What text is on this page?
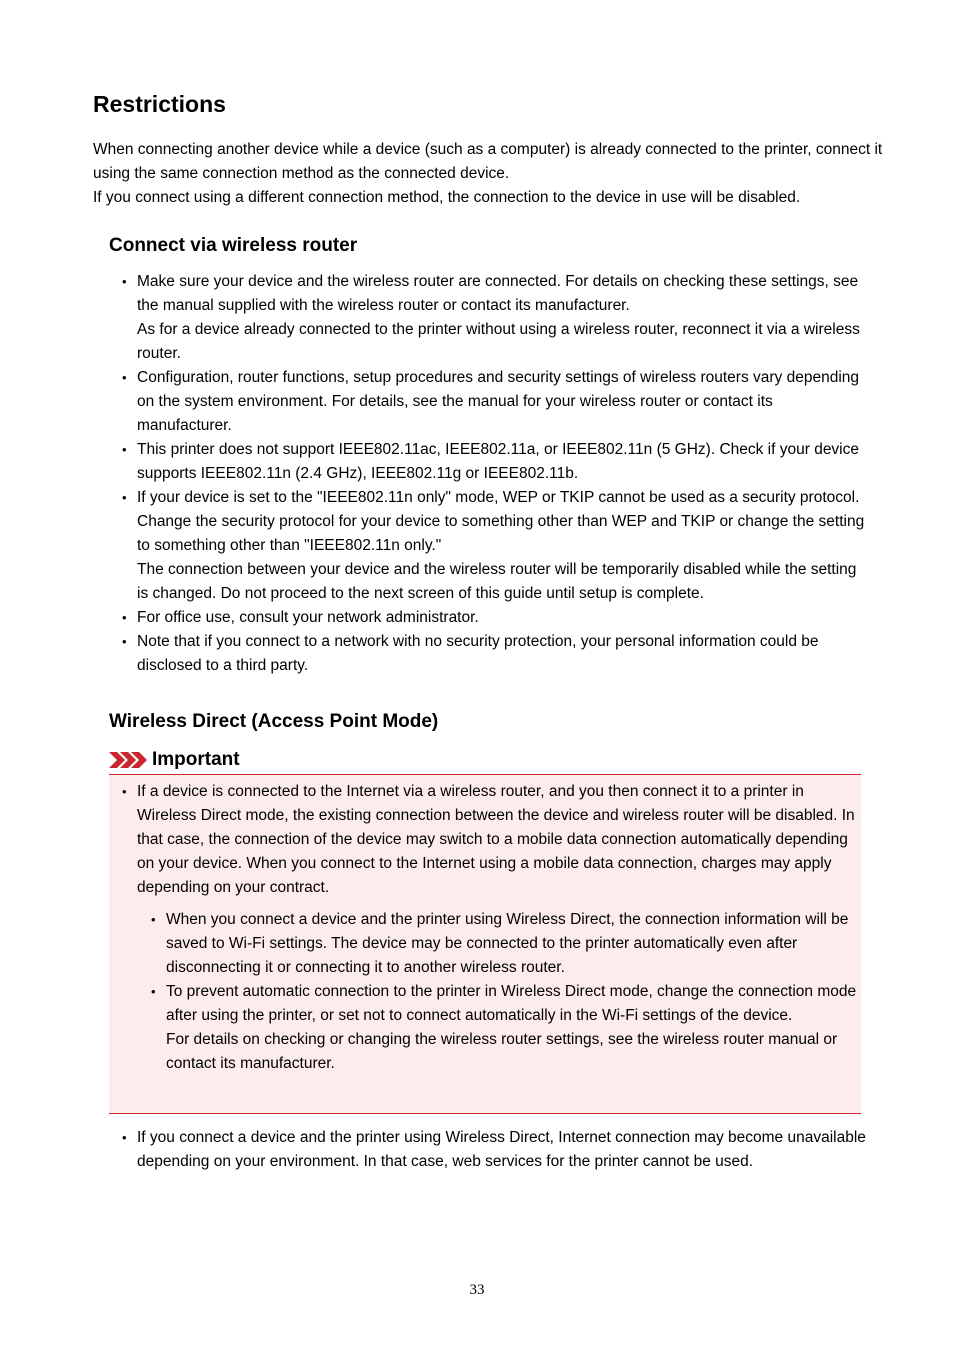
Restrictions

When connecting another device while a device (such as a computer) is already connected to the printer, connect it using the same connection method as the connected device.

If you connect using a different connection method, the connection to the device in use will be disabled.

Connect via wireless router

• Make sure your device and the wireless router are connected. For details on checking these settings, see the manual supplied with the wireless router or contact its manufacturer.

As for a device already connected to the printer without using a wireless router, reconnect it via a wireless router.

• Configuration, router functions, setup procedures and security settings of wireless routers vary depending on the system environment. For details, see the manual for your wireless router or contact its manufacturer.

• This printer does not support IEEE802.11ac, IEEE802.11a, or IEEE802.11n (5 GHz). Check if your device supports IEEE802.11n (2.4 GHz), IEEE802.11g or IEEE802.11b.

• If your device is set to the "IEEE802.11n only" mode, WEP or TKIP cannot be used as a security protocol. Change the security protocol for your device to something other than WEP and TKIP or change the setting to something other than "IEEE802.11n only."

The connection between your device and the wireless router will be temporarily disabled while the setting is changed. Do not proceed to the next screen of this guide until setup is complete.

• For office use, consult your network administrator.

• Note that if you connect to a network with no security protection, your personal information could be disclosed to a third party.

Wireless Direct (Access Point Mode)
Important

• If a device is connected to the Internet via a wireless router, and you then connect it to a printer in Wireless Direct mode, the existing connection between the device and wireless router will be disabled. In that case, the connection of the device may switch to a mobile data connection automatically depending on your device. When you connect to the Internet using a mobile data connection, charges may apply depending on your contract.

• When you connect a device and the printer using Wireless Direct, the connection information will be saved to Wi-Fi settings. The device may be connected to the printer automatically even after disconnecting it or connecting it to another wireless router.

• To prevent automatic connection to the printer in Wireless Direct mode, change the connection mode after using the printer, or set not to connect automatically in the Wi-Fi settings of the device.

For details on checking or changing the wireless router settings, see the wireless router manual or contact its manufacturer.

• If you connect a device and the printer using Wireless Direct, Internet connection may become unavailable depending on your environment. In that case, web services for the printer cannot be used.

33
